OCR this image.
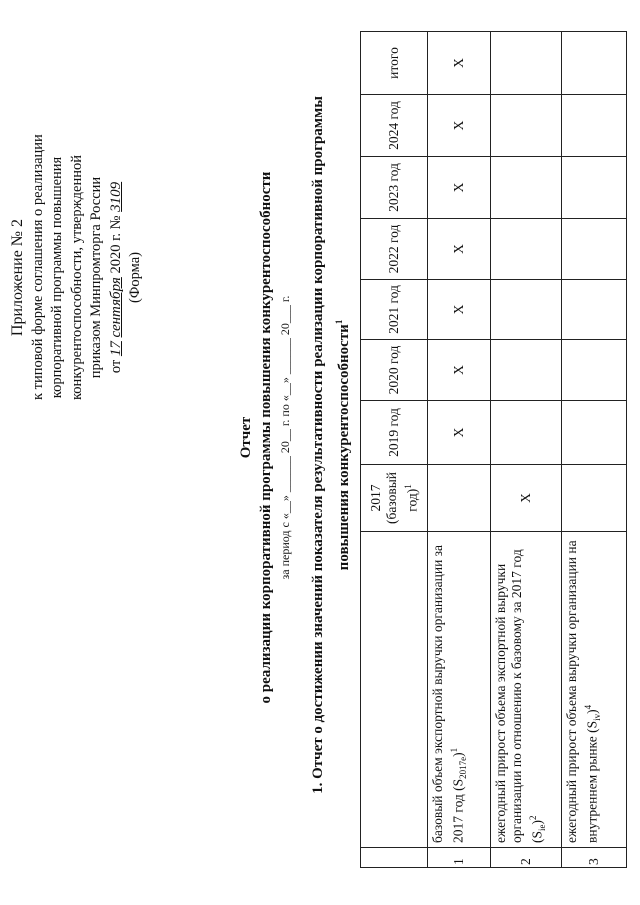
Приложение № 2 к типовой форме соглашения о реализации корпоративной программы повышения конкурентоспособности, утвержденной приказом Минпромторга России от 17 сентября 2020 г. № 3109
(Форма)
Отчет о реализации корпоративной программы повышения конкурентоспособности за период с «__» ______ 20__ г. по «__» ______ 20___ г. 1. Отчет о достижении значений показателя результативности реализации корпоративной программы повышения конкурентоспособности$^1$
		2017 (базовый год)$^1$	2019 год	2020 год	2021 год	2022 год	2023 год	2024 год	итого
1	базовый объем экспортной выручки организации за 2017 год $(S_{2017e})^1$		X	X	X	X	X	X	X
2	ежегодный прирост объема экспортной выручки организации по отношению к базовому за 2017 год $(S_{ie})^2$	X							
3	ежегодный прирост объема выручки организации на внутреннем рынке $(S_{iv})^4$								
